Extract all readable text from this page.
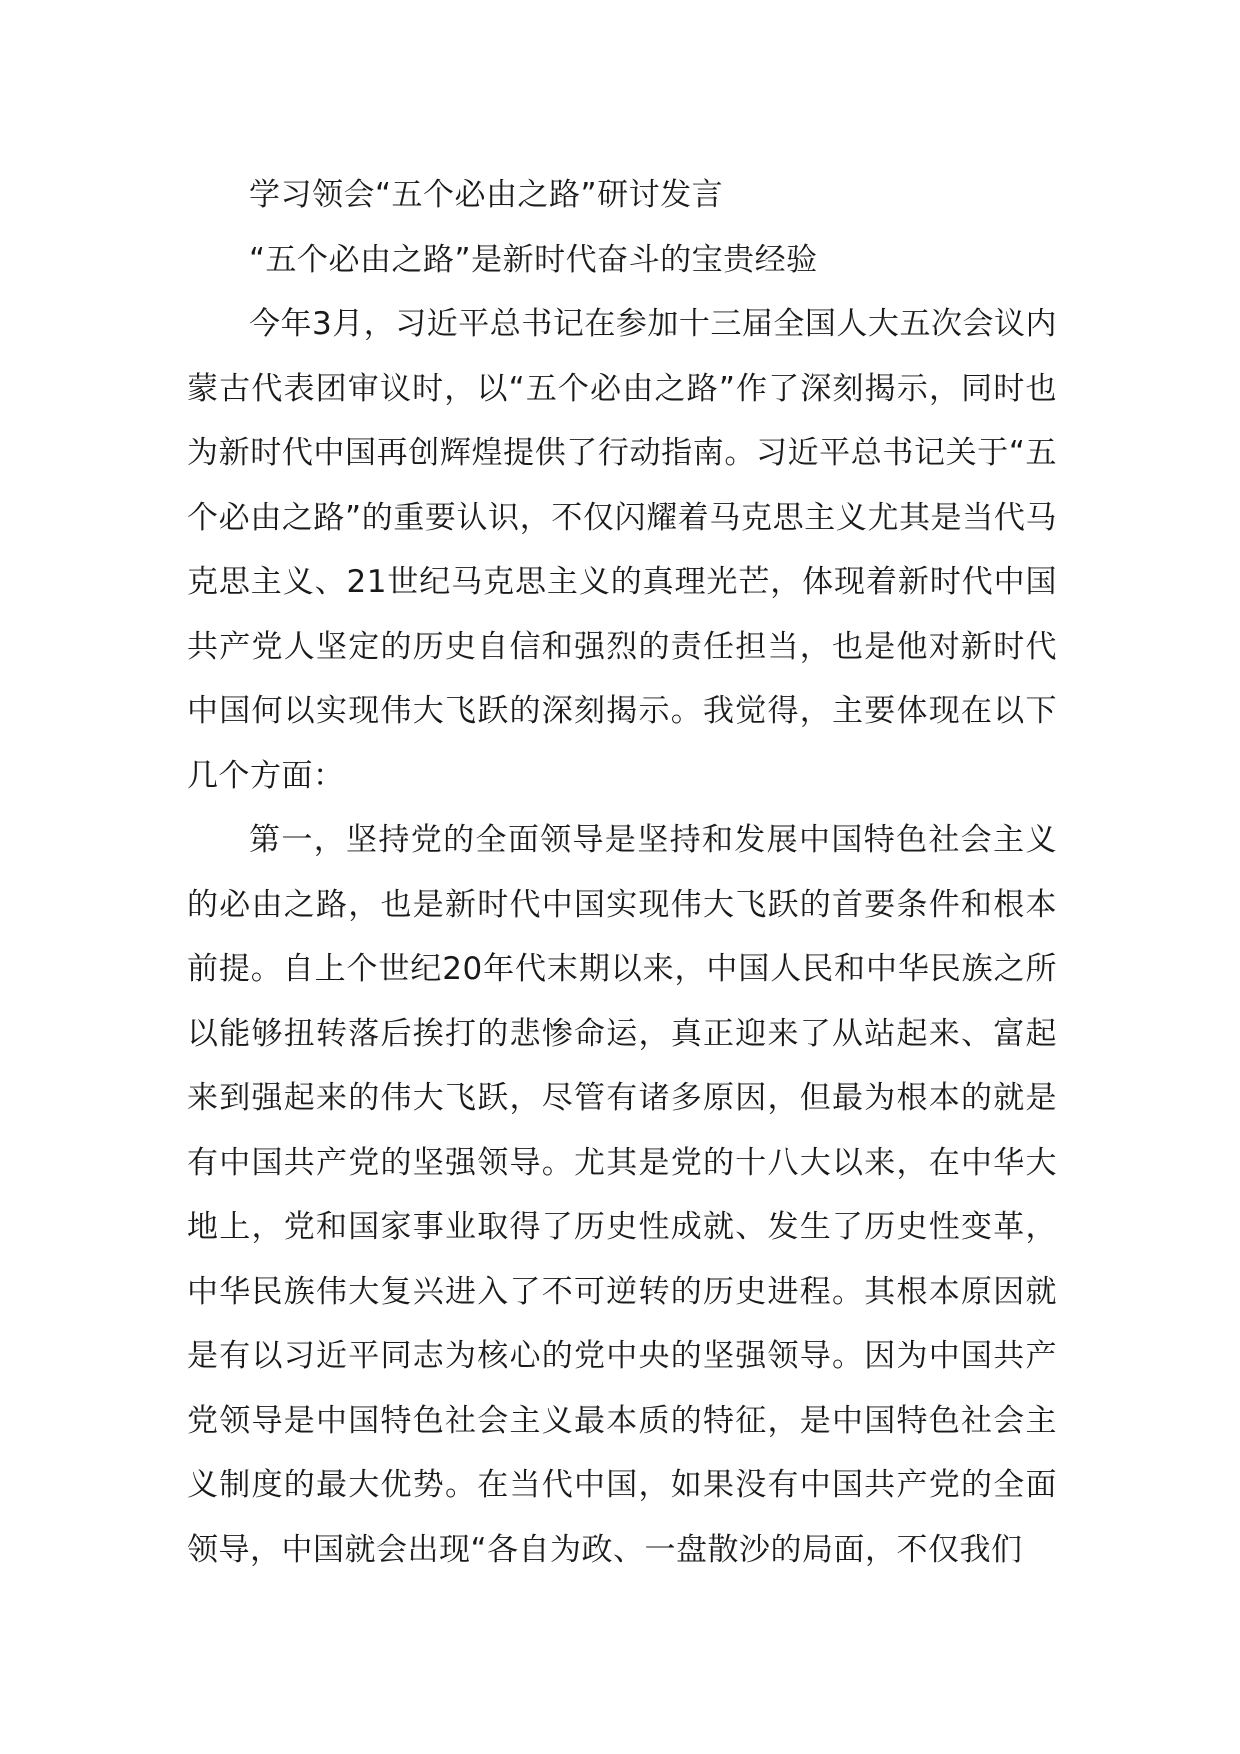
学习领会“五个必由之路”研讨发言

“五个必由之路”是新时代奋斗的宝贵经验

今年3月，习近平总书记在参加十三届全国人大五次会议内蒙古代表团审议时，以“五个必由之路”作了深刻揭示，同时也为新时代中国再创辉煌提供了行动指南。习近平总书记关于“五个必由之路”的重要认识，不仅闪耀着马克思主义尤其是当代马克思主义、21世纪马克思主义的真理光芒，体现着新时代中国共产党人坚定的历史自信和强烈的责任担当，也是他对新时代中国何以实现伟大飞跃的深刻揭示。我觉得，主要体现在以下几个方面：

第一，坚持党的全面领导是坚持和发展中国特色社会主义的必由之路，也是新时代中国实现伟大飞跃的首要条件和根本前提。自上个世纪20年代末期以来，中国人民和中华民族之所以能够扭转落后挨打的悲惨命运，真正迎来了从站起来、富起来到强起来的伟大飞跃，尽管有诸多原因，但最为根本的就是有中国共产党的坚强领导。尤其是党的十八大以来，在中华大地上，党和国家事业取得了历史性成就、发生了历史性变革，中华民族伟大复兴进入了不可逆转的历史进程。其根本原因就是有以习近平同志为核心的党中央的坚强领导。因为中国共产党领导是中国特色社会主义最本质的特征，是中国特色社会主义制度的最大优势。在当代中国，如果没有中国共产党的全面领导，中国就会出现“各自为政、一盘散沙的局面，不仅我们
